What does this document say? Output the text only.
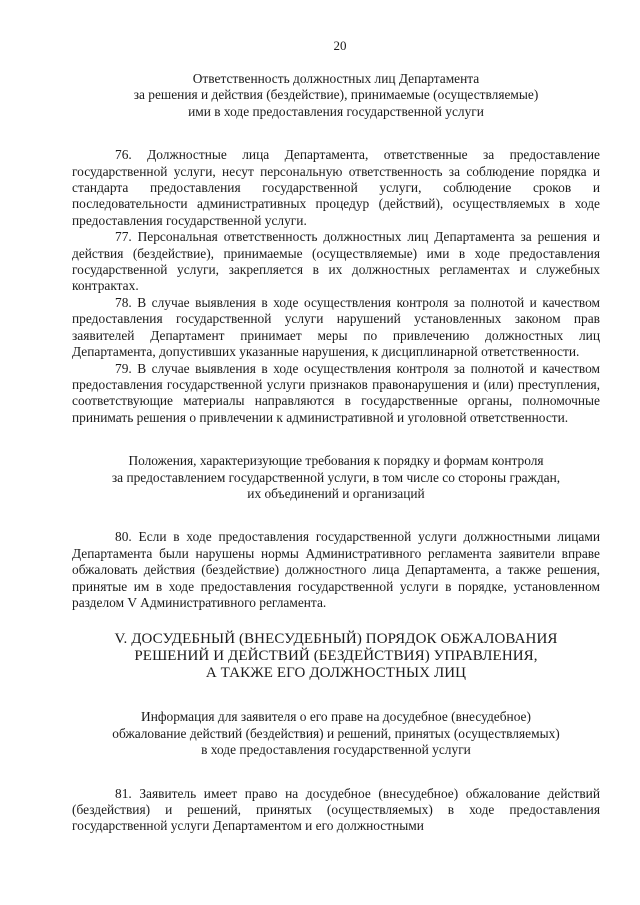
20
Ответственность должностных лиц Департамента
за решения и действия (бездействие), принимаемые (осуществляемые)
ими в ходе предоставления государственной услуги

76. Должностные лица Департамента, ответственные за предоставление государственной услуги, несут персональную ответственность за соблюдение порядка и стандарта предоставления государственной услуги, соблюдение сроков и последовательности административных процедур (действий), осуществляемых в ходе предоставления государственной услуги.

77. Персональная ответственность должностных лиц Департамента за решения и действия (бездействие), принимаемые (осуществляемые) ими в ходе предоставления государственной услуги, закрепляется в их должностных регламентах и служебных контрактах.

78. В случае выявления в ходе осуществления контроля за полнотой и качеством предоставления государственной услуги нарушений установленных законом прав заявителей Департамент принимает меры по привлечению должностных лиц Департамента, допустивших указанные нарушения, к дисциплинарной ответственности.

79. В случае выявления в ходе осуществления контроля за полнотой и качеством предоставления государственной услуги признаков правонарушения и (или) преступления, соответствующие материалы направляются в государственные органы, полномочные принимать решения о привлечении к административной и уголовной ответственности.

Положения, характеризующие требования к порядку и формам контроля
за предоставлением государственной услуги, в том числе со стороны граждан,
их объединений и организаций

80. Если в ходе предоставления государственной услуги должностными лицами Департамента были нарушены нормы Административного регламента заявители вправе обжаловать действия (бездействие) должностного лица Департамента, а также решения, принятые им в ходе предоставления государственной услуги в порядке, установленном разделом V Административного регламента.

V. ДОСУДЕБНЫЙ (ВНЕСУДЕБНЫЙ) ПОРЯДОК ОБЖАЛОВАНИЯ
РЕШЕНИЙ И ДЕЙСТВИЙ (БЕЗДЕЙСТВИЯ) УПРАВЛЕНИЯ,
А ТАКЖЕ ЕГО ДОЛЖНОСТНЫХ ЛИЦ
Информация для заявителя о его праве на досудебное (внесудебное)
обжалование действий (бездействия) и решений, принятых (осуществляемых)
в ходе предоставления государственной услуги

81. Заявитель имеет право на досудебное (внесудебное) обжалование действий (бездействия) и решений, принятых (осуществляемых) в ходе предоставления государственной услуги Департаментом и его должностными
